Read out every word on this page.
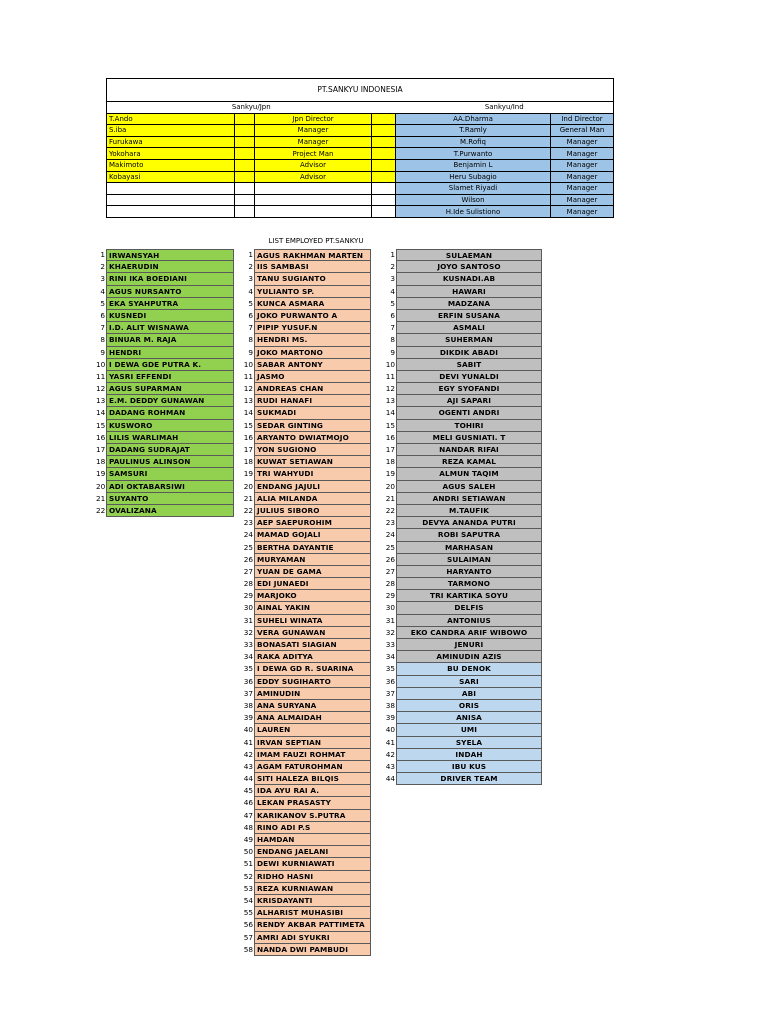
PT.SANKYU INDONESIA					
Sankyu/Jpn				Sankyu/Ind	
T.Ando		Jpn Director		AA.Dharma	Ind Director
S.iba		Manager		T.Ramly	General Man
Furukawa		Manager		M.Rofiq	Manager
Yokohara		Project Man		T.Purwanto	Manager
Makimoto		Advisor		Benjamin L	Manager
Kobayasi		Advisor		Heru Subagio	Manager
				Slamet Riyadi	Manager
				Wilson	Manager
				H.Ide Sulistiono	Manager
LIST EMPLOYED PT.SANKYU
1 IRWANSYAH
2 KHAERUDIN
3 RINI IKA BOEDIANI
4 AGUS NURSANTO
5 EKA SYAHPUTRA
6 KUSNEDI
7 I.D. ALIT WISNAWA
8 BINUAR M. RAJA
9 HENDRI
10 I DEWA GDE PUTRA K.
11 YASRI EFFENDI
12 AGUS SUPARMAN
13 E.M. DEDDY GUNAWAN
14 DADANG ROHMAN
15 KUSWORO
16 LILIS WARLIMAH
17 DADANG SUDRAJAT
18 PAULINUS ALINSON
19 SAMSURI
20 ADI OKTABARSIWI
21 SUYANTO
22 OVALIZANA
1 AGUS RAKHMAN MARTEN
2 IIS SAMBASI
3 TANU SUGIANTO
4 YULIANTO SP.
5 KUNCA ASMARA
6 JOKO PURWANTO A
7 PIPIP YUSUF.N
8 HENDRI MS.
9 JOKO MARTONO
10 SABAR ANTONY
11 JASMO
12 ANDREAS CHAN
13 RUDI HANAFI
14 SUKMADI
15 SEDAR GINTING
16 ARYANTO DWIATMOJO
17 YON SUGIONO
18 KUWAT SETIAWAN
19 TRI WAHYUDI
20 ENDANG JAJULI
21 ALIA MILANDA
22 JULIUS SIBORO
23 AEP SAEPUROHIM
24 MAMAD GOJALI
25 BERTHA DAYANTIE
26 MURYAMAN
27 YUAN DE GAMA
28 EDI JUNAEDI
29 MARJOKO
30 AINAL YAKIN
31 SUHELI WINATA
32 VERA GUNAWAN
33 BONASATI SIAGIAN
34 RAKA ADITYA
35 I DEWA GD R. SUARINA
36 EDDY SUGIHARTO
37 AMINUDIN
38 ANA SURYANA
39 ANA ALMAIDAH
40 LAUREN
41 IRVAN SEPTIAN
42 IMAM FAUZI ROHMAT
43 AGAM FATUROHMAN
44 SITI HALEZA BILQIS
45 IDA AYU RAI A.
46 LEKAN PRASASTY
47 KARIKANOV S.PUTRA
48 RINO ADI P.S
49 HAMDAN
50 ENDANG JAELANI
51 DEWI KURNIAWATI
52 RIDHO HASNI
53 REZA KURNIAWAN
54 KRISDAYANTI
55 ALHARIST MUHASIBI
56 RENDY AKBAR PATTIMETA
57 AMRI ADI SYUKRI
58 NANDA DWI PAMBUDI
1	SULAEMAN
2	JOYO SANTOSO
3	KUSNADI.AB
4	HAWARI
5	MADZANA
6	ERFIN SUSANA
7	ASMALI
8	SUHERMAN
9	DIKDIK ABADI
10	SABIT
11	DEVI YUNALDI
12	EGY SYOFANDI
13	AJI SAPARI
14	OGENTI ANDRI
15	TOHIRI
16	MELI GUSNIATI. T
17	NANDAR RIFAI
18	REZA KAMAL
19	ALMUN TAQIM
20	AGUS SALEH
21	ANDRI SETIAWAN
22	M.TAUFIK
23	DEVYA ANANDA PUTRI
24	ROBI SAPUTRA
25	MARHASAN
26	SULAIMAN
27	HARYANTO
28	TARMONO
29	TRI KARTIKA SOYU
30	DELFIS
31	ANTONIUS
32	EKO CANDRA ARIF WIBOWO
33	JENURI
34	AMINUDIN AZIS
35	BU DENOK
36	SARI
37	ABI
38	ORIS
39	ANISA
40	UMI
41	SYELA
42	INDAH
43	IBU KUS
44	DRIVER TEAM
